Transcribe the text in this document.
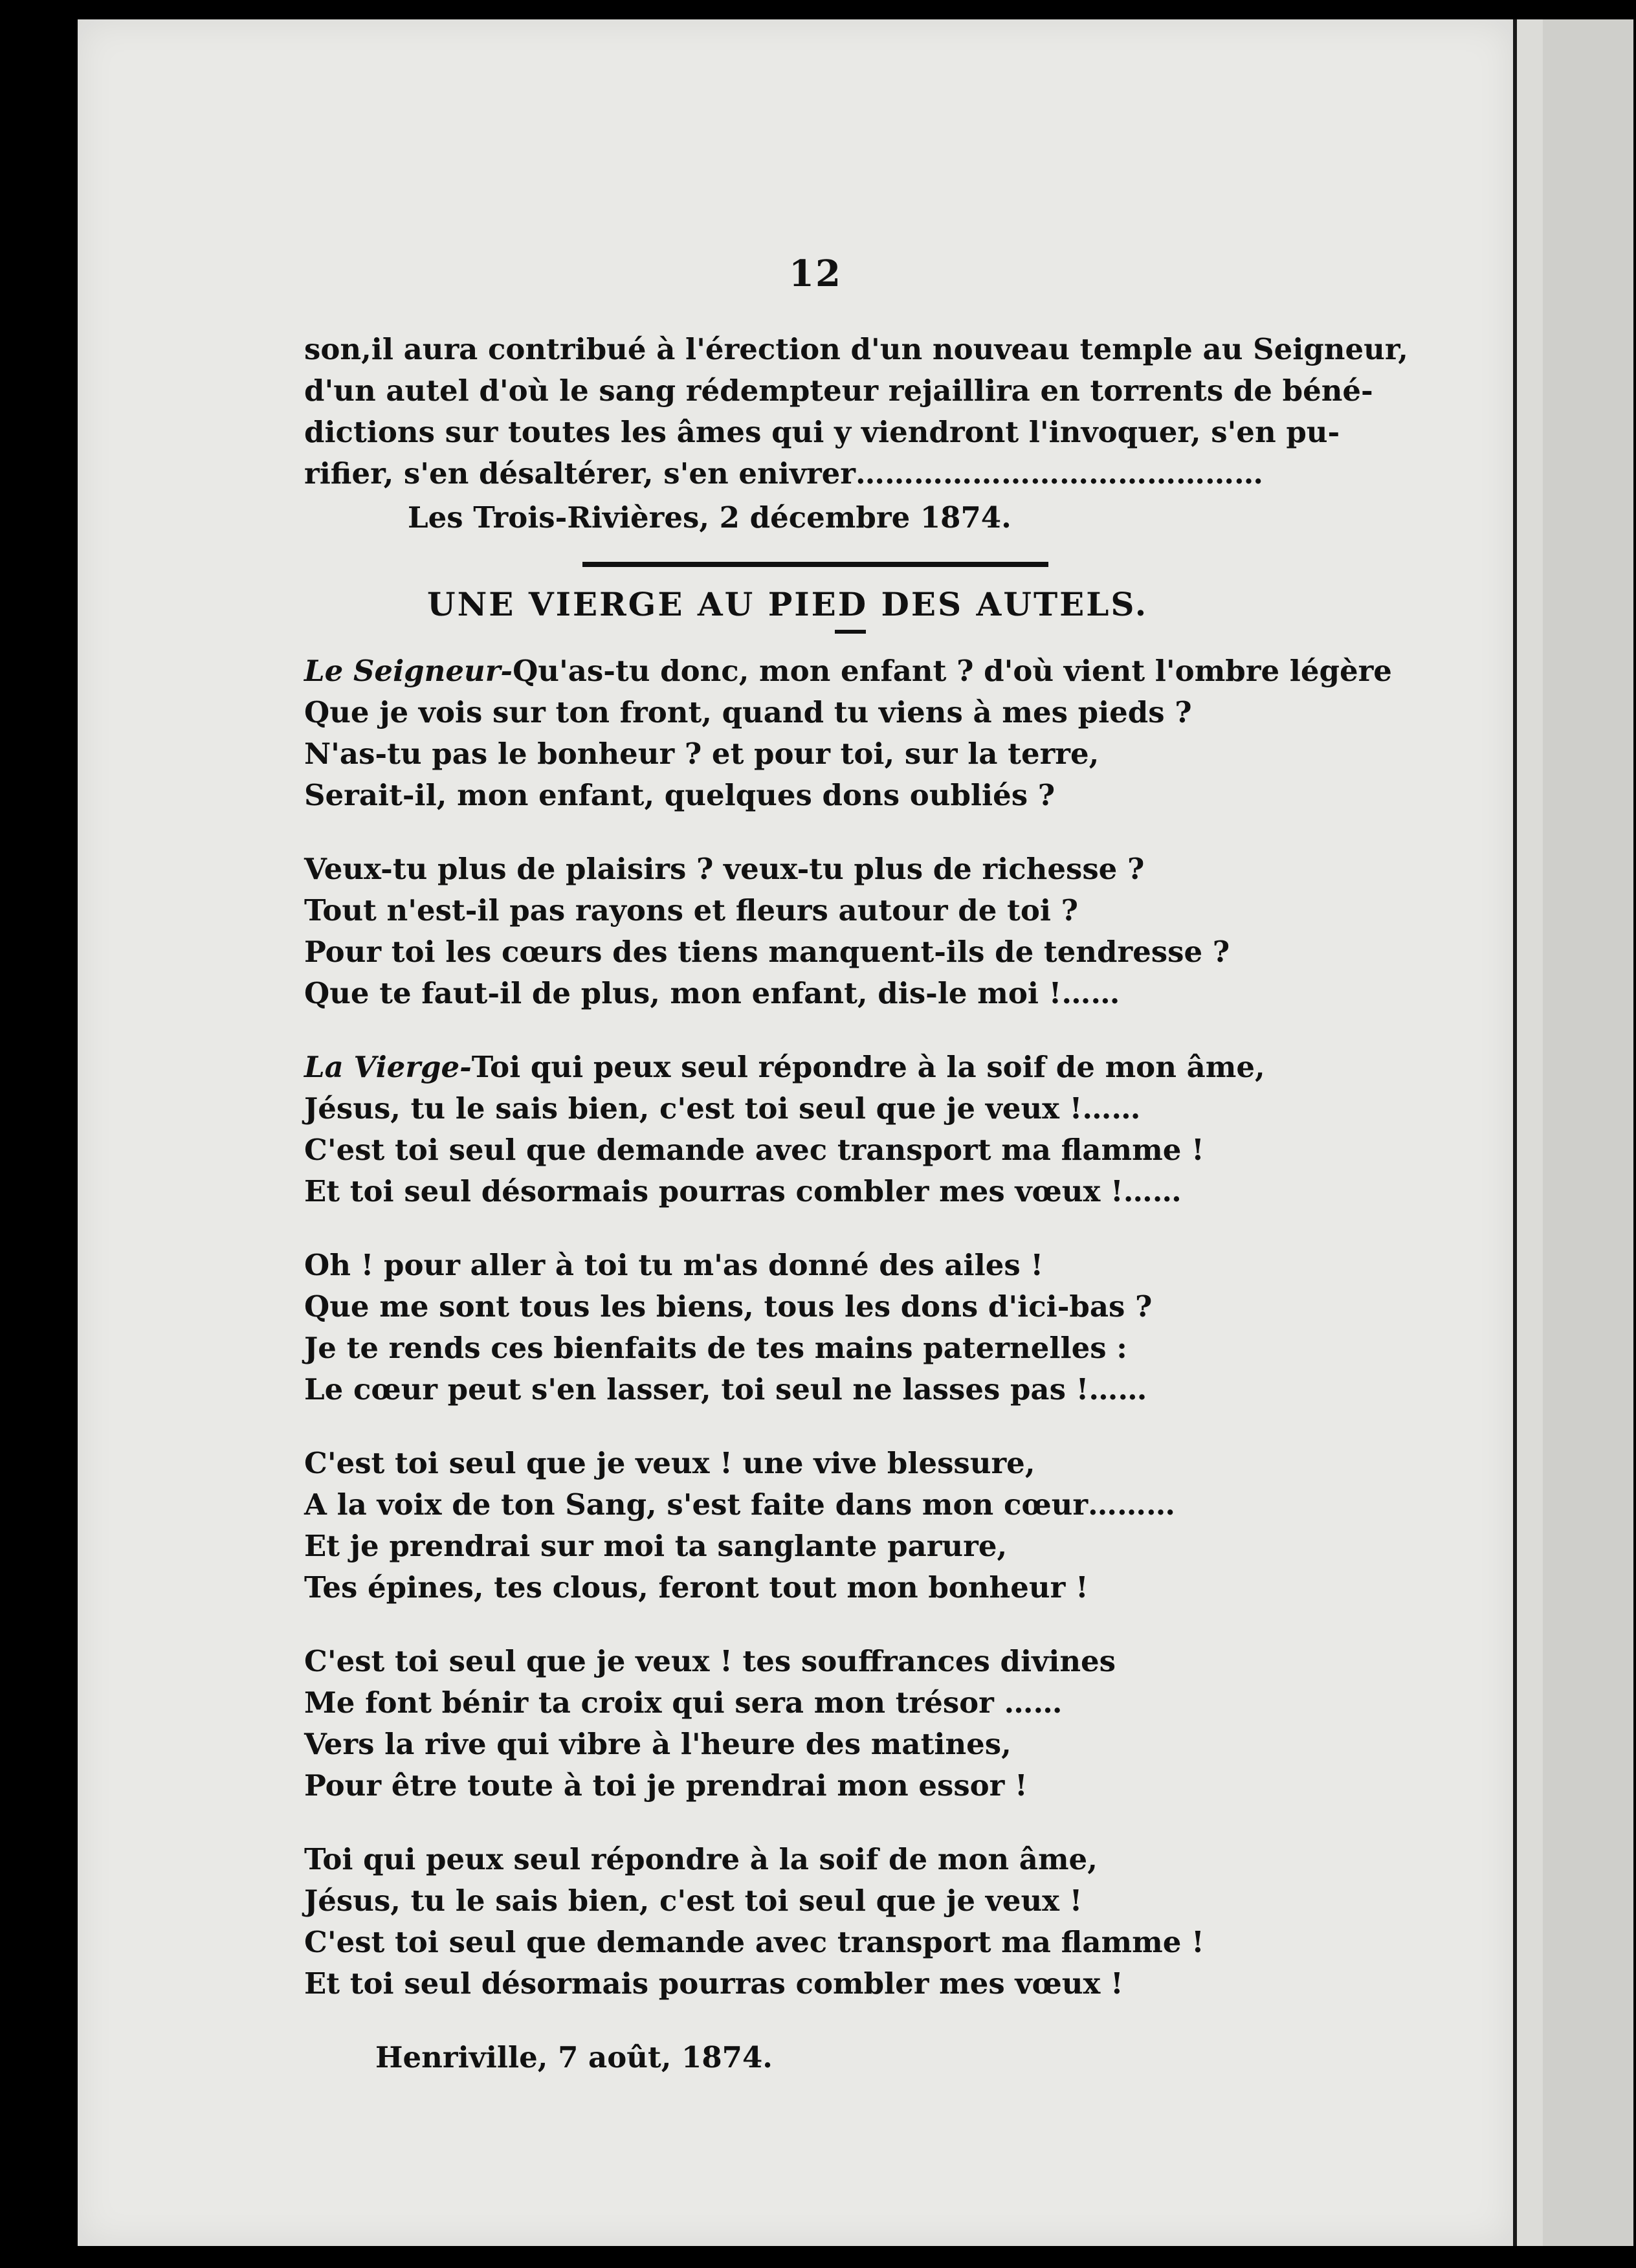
12
son,il aura contribué à l'érection d'un nouveau temple au Seigneur,
d'un autel d'où le sang rédempteur rejaillira en torrents de béné-
dictions sur toutes les âmes qui y viendront l'invoquer, s'en pu-
rifier, s'en désaltérer, s'en enivrer……………………………………
Les Trois-Rivières, 2 décembre 1874.
UNE VIERGE AU PIED DES AUTELS.
Le Seigneur-Qu'as-tu donc, mon enfant ? d'où vient l'ombre légère
Que je vois sur ton front, quand tu viens à mes pieds ?
N'as-tu pas le bonheur ? et pour toi, sur la terre,
Serait-il, mon enfant, quelques dons oubliés ?
Veux-tu plus de plaisirs ? veux-tu plus de richesse ?
Tout n'est-il pas rayons et fleurs autour de toi ?
Pour toi les cœurs des tiens manquent-ils de tendresse ?
Que te faut-il de plus, mon enfant, dis-le moi !……
La Vierge-Toi qui peux seul répondre à la soif de mon âme,
Jésus, tu le sais bien, c'est toi seul que je veux !……
C'est toi seul que demande avec transport ma flamme !
Et toi seul désormais pourras combler mes vœux !……
Oh ! pour aller à toi tu m'as donné des ailes !
Que me sont tous les biens, tous les dons d'ici-bas ?
Je te rends ces bienfaits de tes mains paternelles :
Le cœur peut s'en lasser, toi seul ne lasses pas !……
C'est toi seul que je veux ! une vive blessure,
A la voix de ton Sang, s'est faite dans mon cœur………
Et je prendrai sur moi ta sanglante parure,
Tes épines, tes clous, feront tout mon bonheur !
C'est toi seul que je veux ! tes souffrances divines
Me font bénir ta croix qui sera mon trésor ……
Vers la rive qui vibre à l'heure des matines,
Pour être toute à toi je prendrai mon essor !
Toi qui peux seul répondre à la soif de mon âme,
Jésus, tu le sais bien, c'est toi seul que je veux !
C'est toi seul que demande avec transport ma flamme !
Et toi seul désormais pourras combler mes vœux !
Henriville, 7 août, 1874.
